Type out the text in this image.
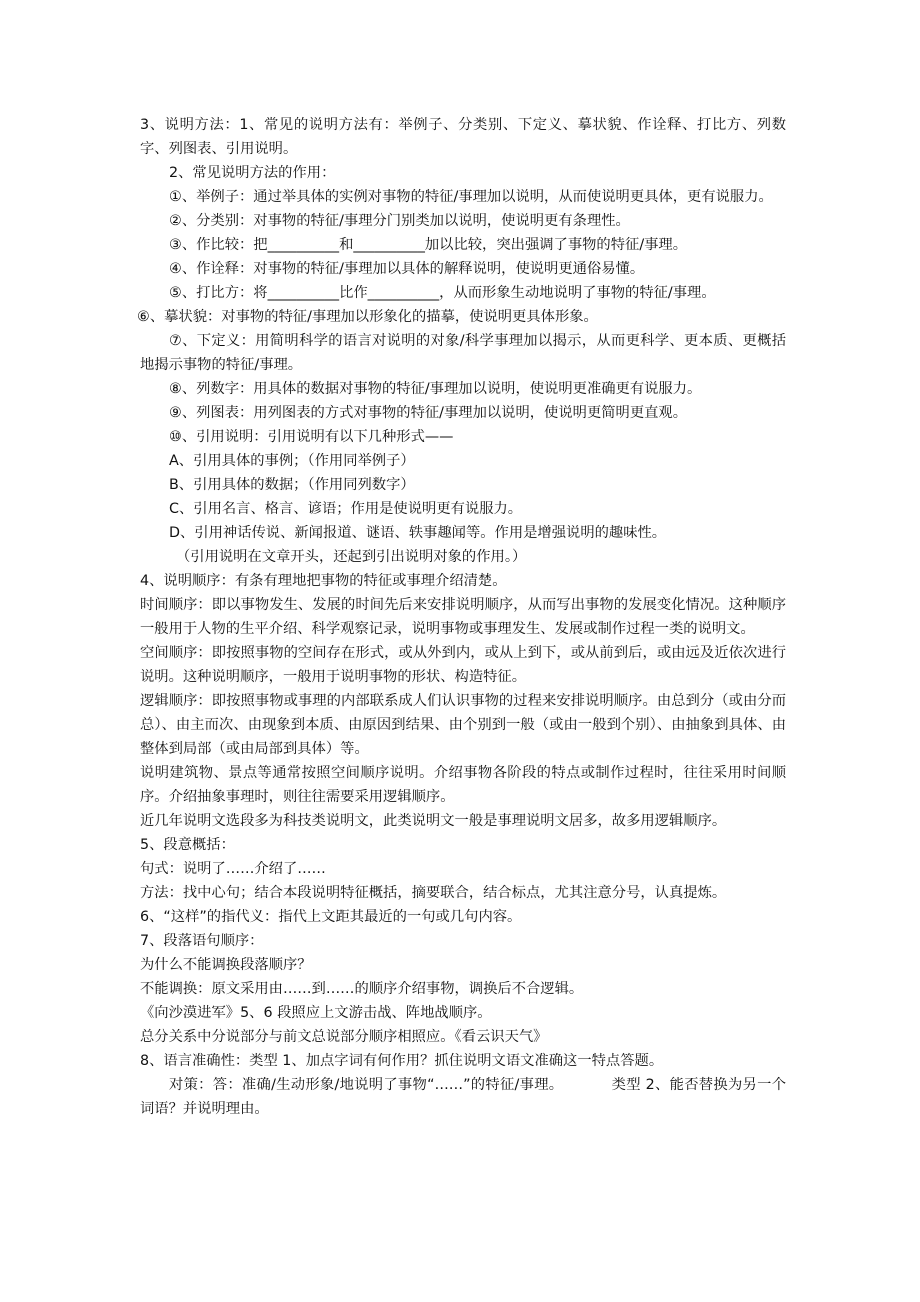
3、说明方法：1、常见的说明方法有：举例子、分类别、下定义、摹状貌、作诠释、打比方、列数字、列图表、引用说明。

2、常见说明方法的作用：

①、举例子：通过举具体的实例对事物的特征/事理加以说明，从而使说明更具体，更有说服力。

②、分类别：对事物的特征/事理分门别类加以说明，使说明更有条理性。

③、作比较：把__________和__________加以比较，突出强调了事物的特征/事理。

④、作诠释：对事物的特征/事理加以具体的解释说明，使说明更通俗易懂。

⑤、打比方：将__________比作__________，从而形象生动地说明了事物的特征/事理。

⑥、摹状貌：对事物的特征/事理加以形象化的描摹，使说明更具体形象。

⑦、下定义：用简明科学的语言对说明的对象/科学事理加以揭示，从而更科学、更本质、更概括地揭示事物的特征/事理。

⑧、列数字：用具体的数据对事物的特征/事理加以说明，使说明更准确更有说服力。

⑨、列图表：用列图表的方式对事物的特征/事理加以说明，使说明更简明更直观。

⑩、引用说明：引用说明有以下几种形式——

A、引用具体的事例；（作用同举例子）

B、引用具体的数据；（作用同列数字）

C、引用名言、格言、谚语；作用是使说明更有说服力。

D、引用神话传说、新闻报道、谜语、轶事趣闻等。作用是增强说明的趣味性。

（引用说明在文章开头，还起到引出说明对象的作用。）

4、说明顺序：有条有理地把事物的特征或事理介绍清楚。

时间顺序：即以事物发生、发展的时间先后来安排说明顺序，从而写出事物的发展变化情况。这种顺序一般用于人物的生平介绍、科学观察记录，说明事物或事理发生、发展或制作过程一类的说明文。

空间顺序：即按照事物的空间存在形式，或从外到内，或从上到下，或从前到后，或由远及近依次进行说明。这种说明顺序，一般用于说明事物的形状、构造特征。

逻辑顺序：即按照事物或事理的内部联系成人们认识事物的过程来安排说明顺序。由总到分（或由分而总）、由主而次、由现象到本质、由原因到结果、由个别到一般（或由一般到个别）、由抽象到具体、由整体到局部（或由局部到具体）等。

说明建筑物、景点等通常按照空间顺序说明。介绍事物各阶段的特点或制作过程时，往往采用时间顺序。介绍抽象事理时，则往往需要采用逻辑顺序。

近几年说明文选段多为科技类说明文，此类说明文一般是事理说明文居多，故多用逻辑顺序。

5、段意概括：

句式：说明了……介绍了……

方法：找中心句；结合本段说明特征概括，摘要联合，结合标点，尤其注意分号，认真提炼。

6、“这样”的指代义：指代上文距其最近的一句或几句内容。

7、段落语句顺序：

为什么不能调换段落顺序？

不能调换：原文采用由……到……的顺序介绍事物，调换后不合逻辑。

《向沙漠进军》5、6 段照应上文游击战、阵地战顺序。

总分关系中分说部分与前文总说部分顺序相照应。《看云识天气》

8、语言准确性：类型 1、加点字词有何作用？抓住说明文语文准确这一特点答题。

对策：答：准确/生动形象/地说明了事物“……”的特征/事理。          类型 2、能否替换为另一个词语？并说明理由。
